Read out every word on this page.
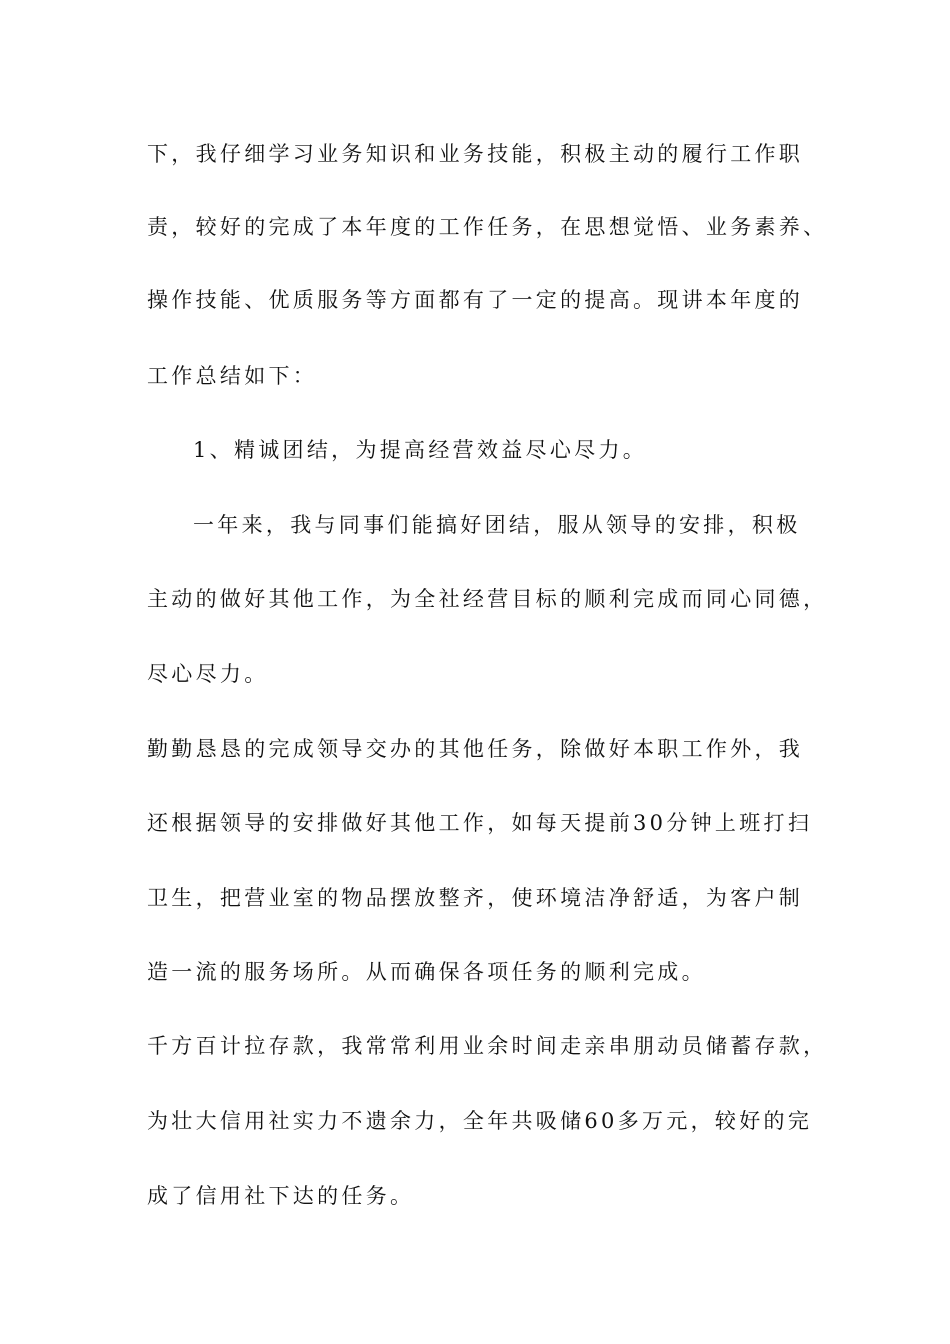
下，我仔细学习业务知识和业务技能，积极主动的履行工作职
责，较好的完成了本年度的工作任务，在思想觉悟、业务素养、
操作技能、优质服务等方面都有了一定的提高。现讲本年度的
工作总结如下：
1、精诚团结，为提高经营效益尽心尽力。
一年来，我与同事们能搞好团结，服从领导的安排，积极
主动的做好其他工作，为全社经营目标的顺利完成而同心同德，
尽心尽力。
勤勤恳恳的完成领导交办的其他任务，除做好本职工作外，我
还根据领导的安排做好其他工作，如每天提前30分钟上班打扫
卫生，把营业室的物品摆放整齐，使环境洁净舒适，为客户制
造一流的服务场所。从而确保各项任务的顺利完成。
千方百计拉存款，我常常利用业余时间走亲串朋动员储蓄存款，
为壮大信用社实力不遗余力，全年共吸储60多万元，较好的完
成了信用社下达的任务。
